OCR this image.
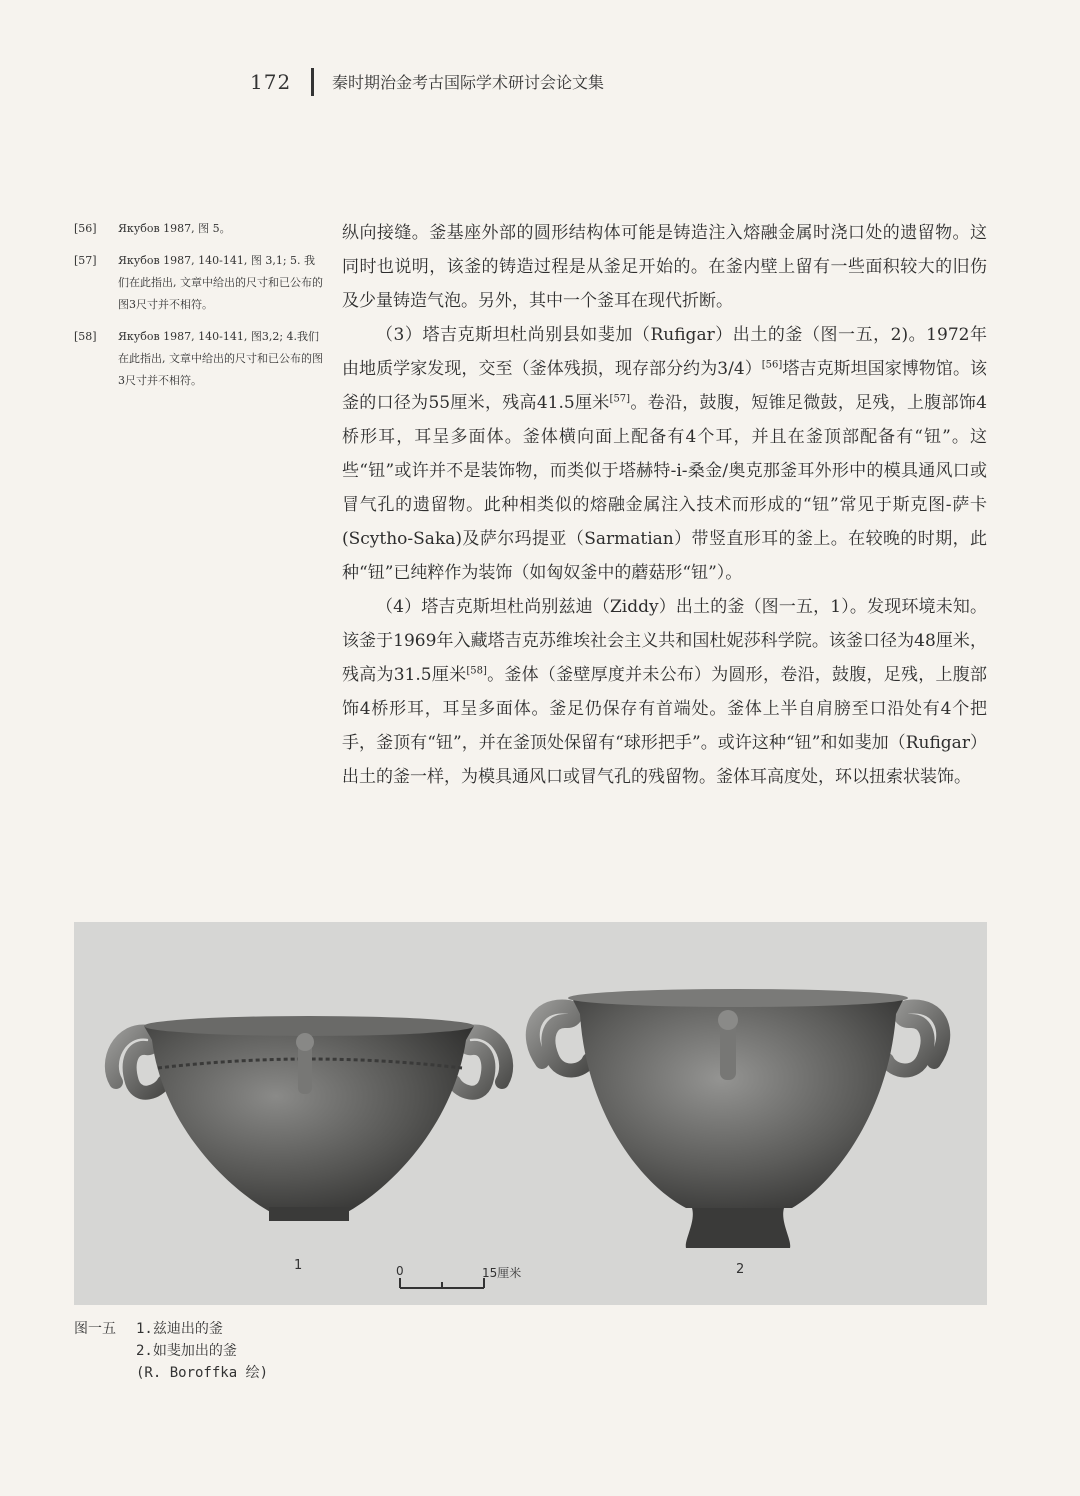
172	秦时期治金考古国际学术研讨会论文集
[56]	Якубов 1987, 图 5。
[57]	Якубов 1987, 140-141, 图 3,1; 5. 我们在此指出, 文章中给出的尺寸和已公布的图3尺寸并不相符。
[58]	Якубов 1987, 140-141, 图3,2; 4.我们在此指出, 文章中给出的尺寸和已公布的图3尺寸并不相符。

纵向接缝。釜基座外部的圆形结构体可能是铸造注入熔融金属时浇口处的遗留物。这同时也说明，该釜的铸造过程是从釜足开始的。在釜内壁上留有一些面积较大的旧伤及少量铸造气泡。另外，其中一个釜耳在现代折断。

（3）塔吉克斯坦杜尚别县如斐加（Rufigar）出土的釜（图一五，2)。1972年由地质学家发现，交至（釜体残损，现存部分约为3/4）[56]塔吉克斯坦国家博物馆。该釜的口径为55厘米，残高41.5厘米[57]。卷沿，鼓腹，短锥足微鼓，足残，上腹部饰4桥形耳，耳呈多面体。釜体横向面上配备有4个耳，并且在釜顶部配备有“钮”。这些“钮”或许并不是装饰物，而类似于塔赫特-i-桑金/奥克那釜耳外形中的模具通风口或冒气孔的遗留物。此种相类似的熔融金属注入技术而形成的“钮”常见于斯克图-萨卡(Scytho-Saka)及萨尔玛提亚（Sarmatian）带竖直形耳的釜上。在较晚的时期，此种“钮”已纯粹作为装饰（如匈奴釜中的蘑菇形“钮”）。

（4）塔吉克斯坦杜尚别兹迪（Ziddy）出土的釜（图一五，1）。发现环境未知。该釜于1969年入藏塔吉克苏维埃社会主义共和国杜妮莎科学院。该釜口径为48厘米，残高为31.5厘米[58]。釜体（釜壁厚度并未公布）为圆形，卷沿，鼓腹，足残，上腹部饰4桥形耳，耳呈多面体。釜足仍保存有首端处。釜体上半自肩膀至口沿处有4个把手，釜顶有“钮”，并在釜顶处保留有“球形把手”。或许这种“钮”和如斐加（Rufigar）出土的釜一样，为模具通风口或冒气孔的残留物。釜体耳高度处，环以扭索状装饰。

1	2
0	15厘米
图一五 1.兹迪出的釜
2.如斐加出的釜
(R. Boroffka 绘)
